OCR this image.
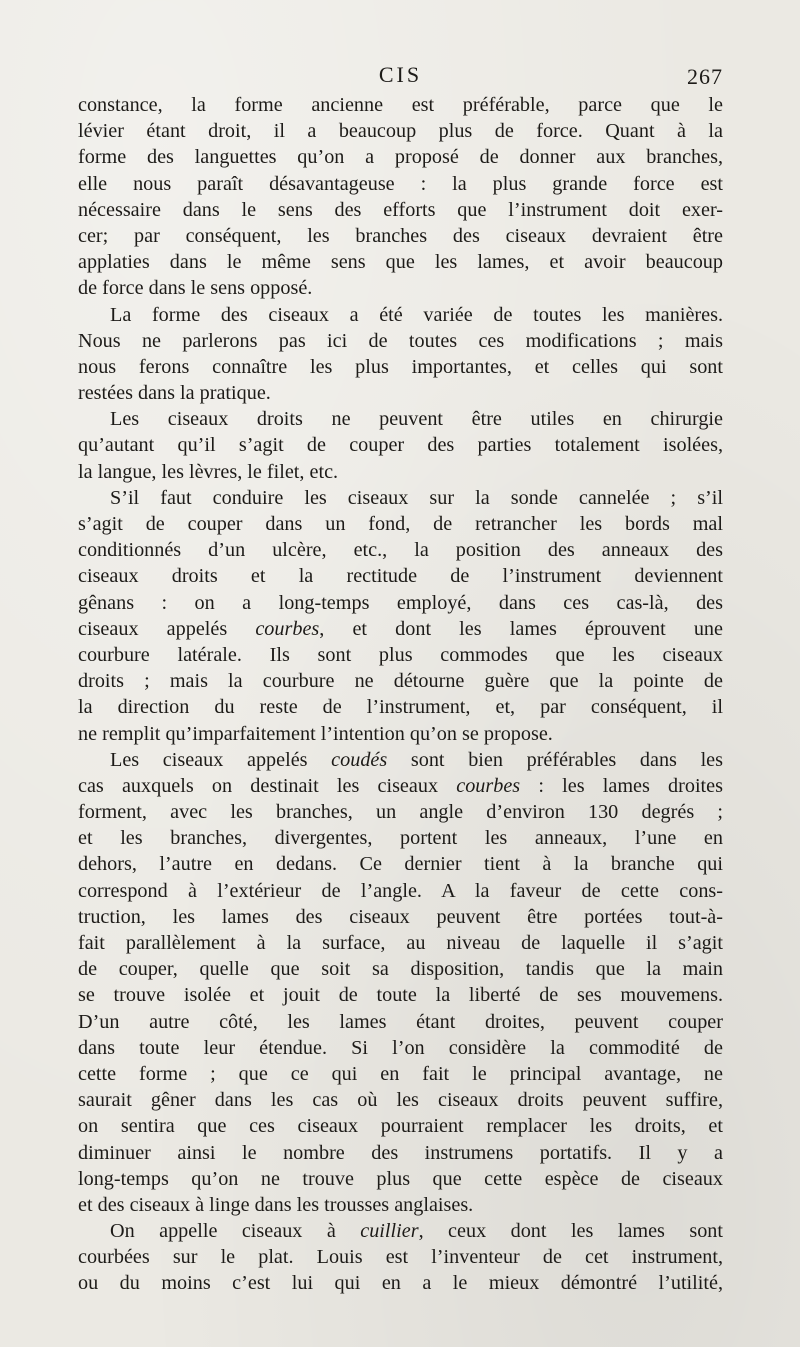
CIS	267
constance, la forme ancienne est préférable, parce que le
lévier étant droit, il a beaucoup plus de force. Quant à la
forme des languettes qu’on a proposé de donner aux branches,
elle nous paraît désavantageuse : la plus grande force est
nécessaire dans le sens des efforts que l’instrument doit exer-
cer; par conséquent, les branches des ciseaux devraient être
applaties dans le même sens que les lames, et avoir beaucoup
de force dans le sens opposé.
La forme des ciseaux a été variée de toutes les manières.
Nous ne parlerons pas ici de toutes ces modifications ; mais
nous ferons connaître les plus importantes, et celles qui sont
restées dans la pratique.
Les ciseaux droits ne peuvent être utiles en chirurgie
qu’autant qu’il s’agit de couper des parties totalement isolées,
la langue, les lèvres, le filet, etc.
S’il faut conduire les ciseaux sur la sonde cannelée ; s’il
s’agit de couper dans un fond, de retrancher les bords mal
conditionnés d’un ulcère, etc., la position des anneaux des
ciseaux droits et la rectitude de l’instrument deviennent
gênans : on a long-temps employé, dans ces cas-là, des
ciseaux appelés courbes, et dont les lames éprouvent une
courbure latérale. Ils sont plus commodes que les ciseaux
droits ; mais la courbure ne détourne guère que la pointe de
la direction du reste de l’instrument, et, par conséquent, il
ne remplit qu’imparfaitement l’intention qu’on se propose.
Les ciseaux appelés coudés sont bien préférables dans les
cas auxquels on destinait les ciseaux courbes : les lames droites
forment, avec les branches, un angle d’environ 130 degrés ;
et les branches, divergentes, portent les anneaux, l’une en
dehors, l’autre en dedans. Ce dernier tient à la branche qui
correspond à l’extérieur de l’angle. A la faveur de cette cons-
truction, les lames des ciseaux peuvent être portées tout-à-
fait parallèlement à la surface, au niveau de laquelle il s’agit
de couper, quelle que soit sa disposition, tandis que la main
se trouve isolée et jouit de toute la liberté de ses mouvemens.
D’un autre côté, les lames étant droites, peuvent couper
dans toute leur étendue. Si l’on considère la commodité de
cette forme ; que ce qui en fait le principal avantage, ne
saurait gêner dans les cas où les ciseaux droits peuvent suffire,
on sentira que ces ciseaux pourraient remplacer les droits, et
diminuer ainsi le nombre des instrumens portatifs. Il y a
long-temps qu’on ne trouve plus que cette espèce de ciseaux
et des ciseaux à linge dans les trousses anglaises.
On appelle ciseaux à cuillier, ceux dont les lames sont
courbées sur le plat. Louis est l’inventeur de cet instrument,
ou du moins c’est lui qui en a le mieux démontré l’utilité,
